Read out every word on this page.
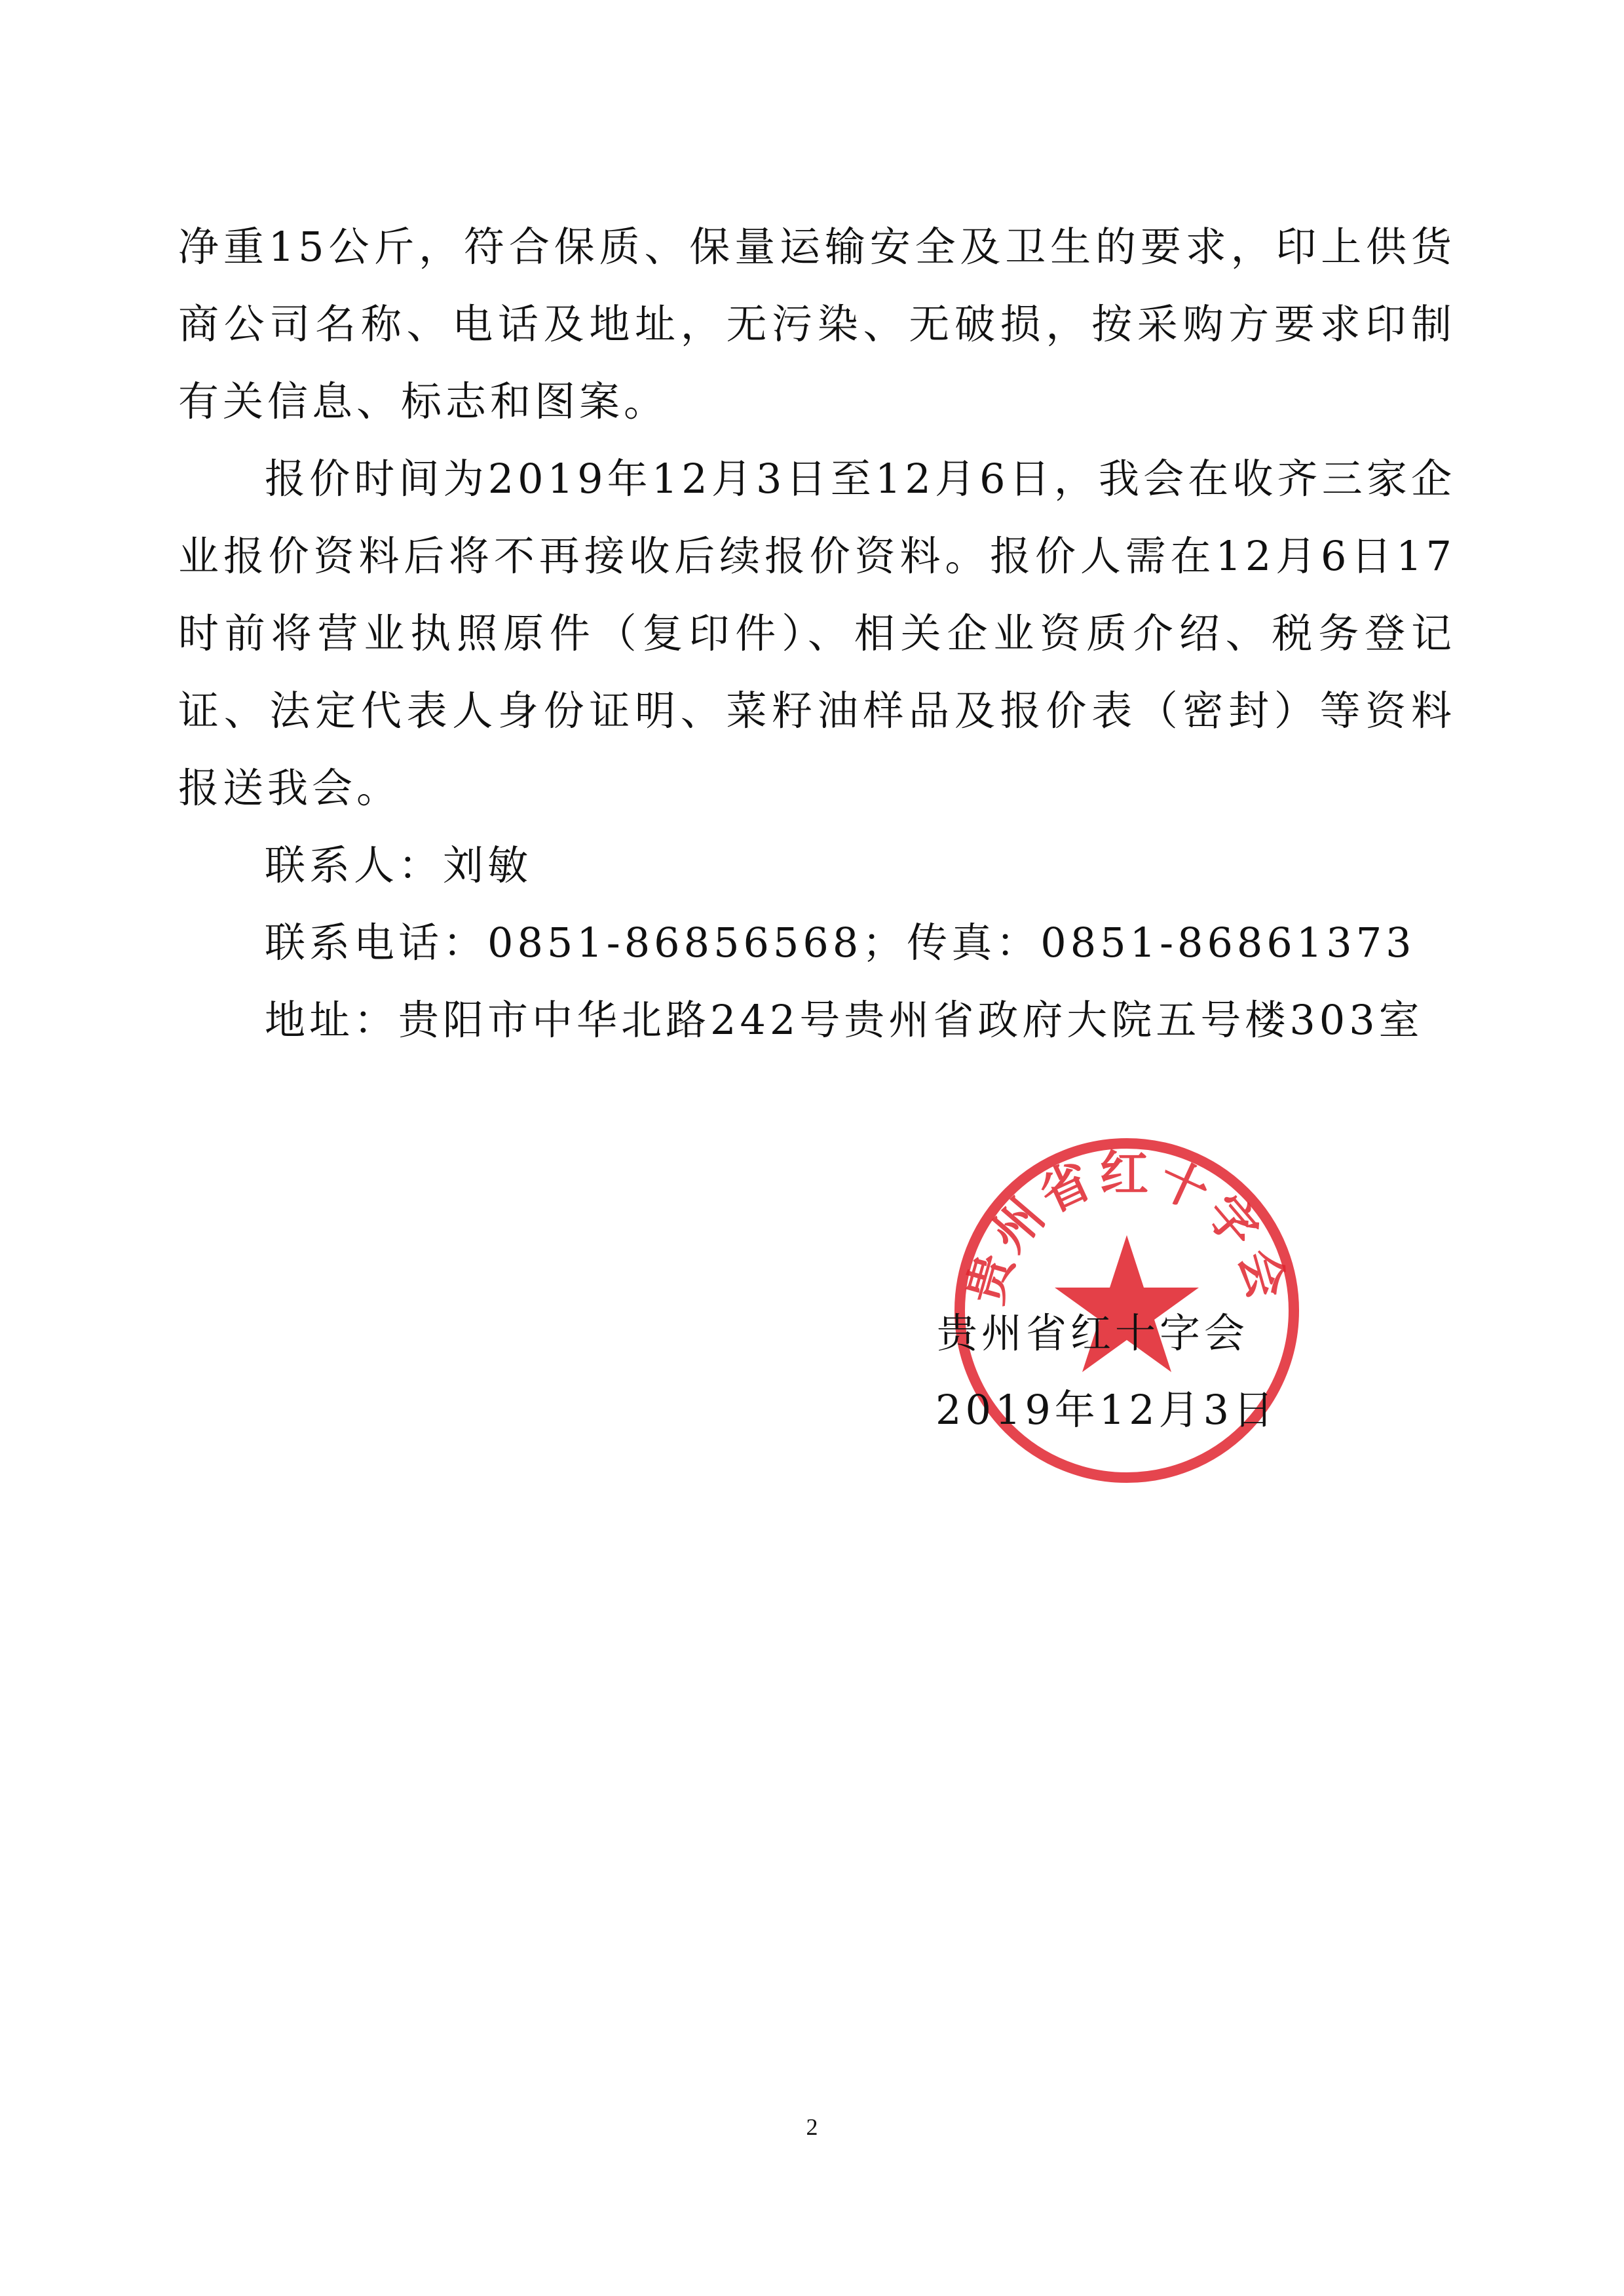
净重15公斤，符合保质、保量运输安全及卫生的要求，印上供货商公司名称、电话及地址，无污染、无破损，按采购方要求印制有关信息、标志和图案。

报价时间为2019年12月3日至12月6日，我会在收齐三家企业报价资料后将不再接收后续报价资料。报价人需在12月6日17时前将营业执照原件（复印件）、相关企业资质介绍、税务登记证、法定代表人身份证明、菜籽油样品及报价表（密封）等资料报送我会。

联系人：刘敏
联系电话：0851-86856568；传真：0851-86861373
地址：贵阳市中华北路242号贵州省政府大院五号楼303室
贵州省红十字会
贵州省红十字会
2019年12月3日
2
